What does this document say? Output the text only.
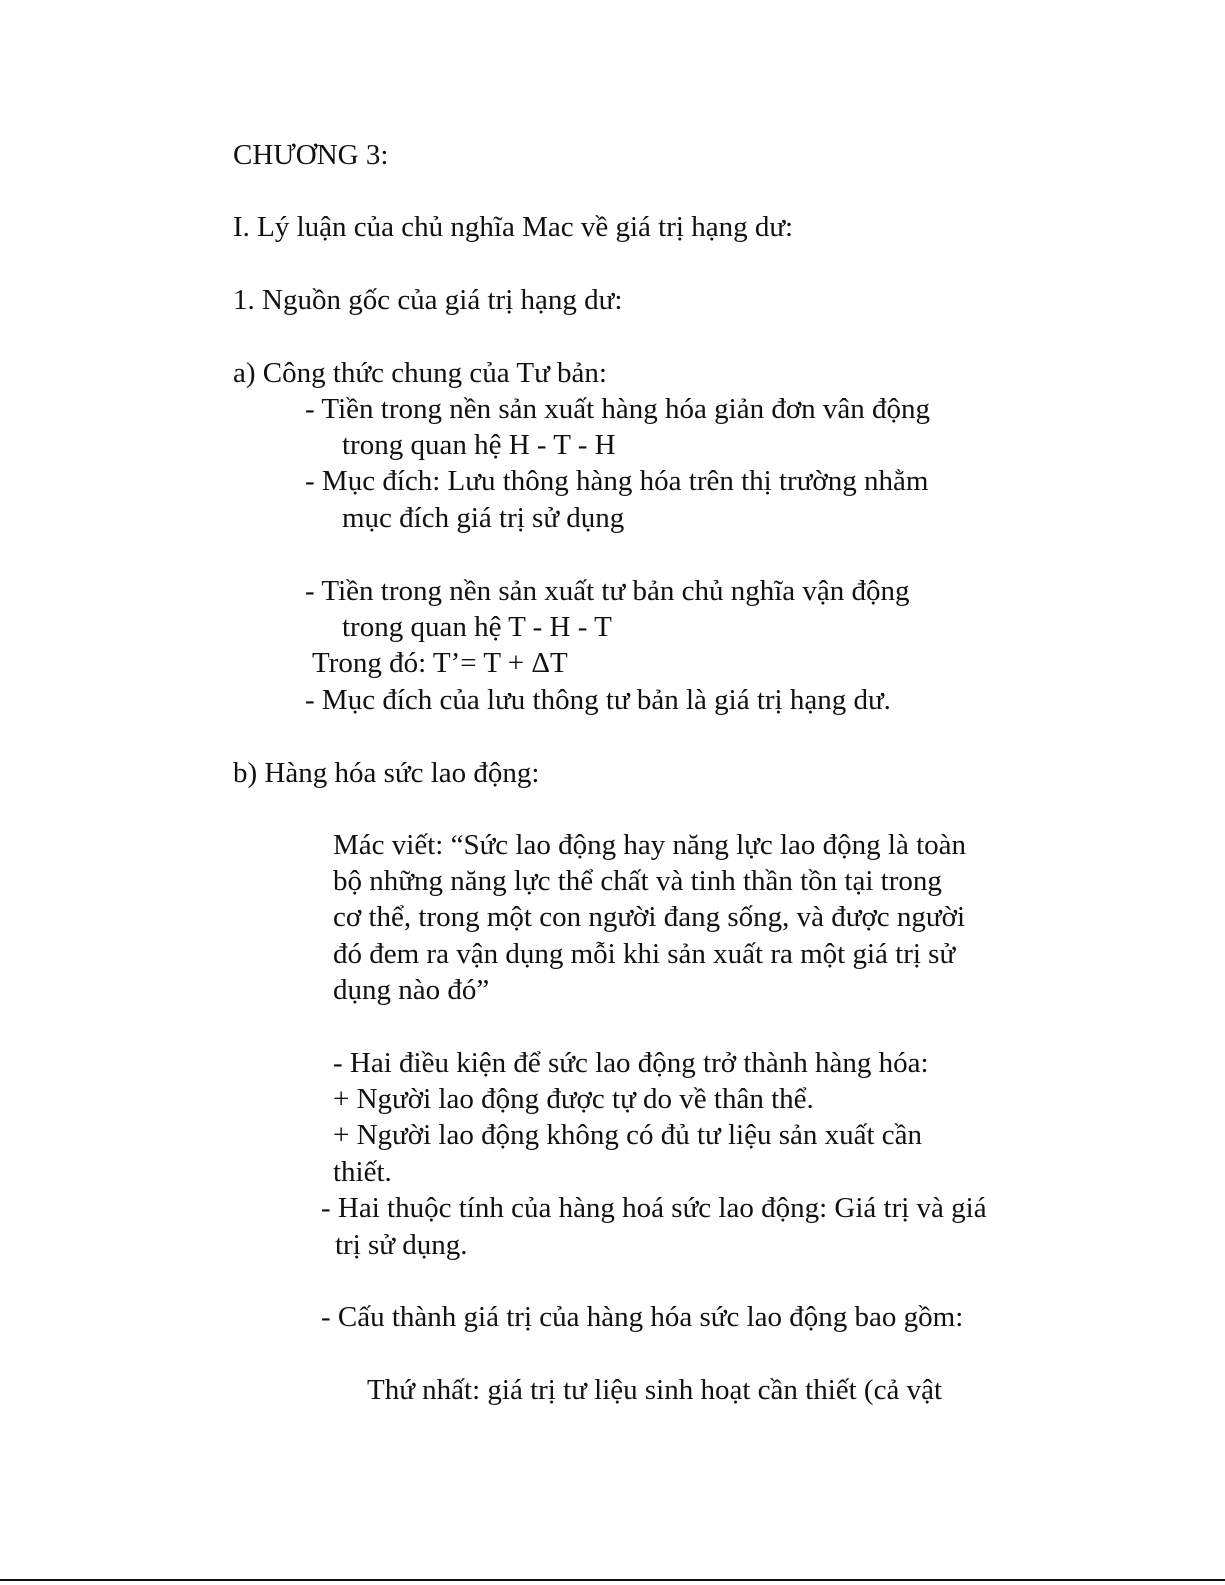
CHƯƠNG 3:
I. Lý luận của chủ nghĩa Mac về giá trị hạng dư:
1. Nguồn gốc của giá trị hạng dư:
a) Công thức chung của Tư bản:
- Tiền trong nền sản xuất hàng hóa giản đơn vân động
trong quan hệ H - T - H
- Mục đích: Lưu thông hàng hóa trên thị trường nhằm
mục đích giá trị sử dụng
- Tiền trong nền sản xuất tư bản chủ nghĩa vận động
trong quan hệ T - H - T
Trong đó: T’= T + ΔT
- Mục đích của lưu thông tư bản là giá trị hạng dư.
b) Hàng hóa sức lao động:
Mác viết: “Sức lao động hay năng lực lao động là toàn
bộ những năng lực thể chất và tinh thần tồn tại trong
cơ thể, trong một con người đang sống, và được người
đó đem ra vận dụng mỗi khi sản xuất ra một giá trị sử
dụng nào đó”
- Hai điều kiện để sức lao động trở thành hàng hóa:
+ Người lao động được tự do về thân thể.
+ Người lao động không có đủ tư liệu sản xuất cần
thiết.
- Hai thuộc tính của hàng hoá sức lao động: Giá trị và giá
trị sử dụng.
- Cấu thành giá trị của hàng hóa sức lao động bao gồm:
Thứ nhất: giá trị tư liệu sinh hoạt cần thiết (cả vật
